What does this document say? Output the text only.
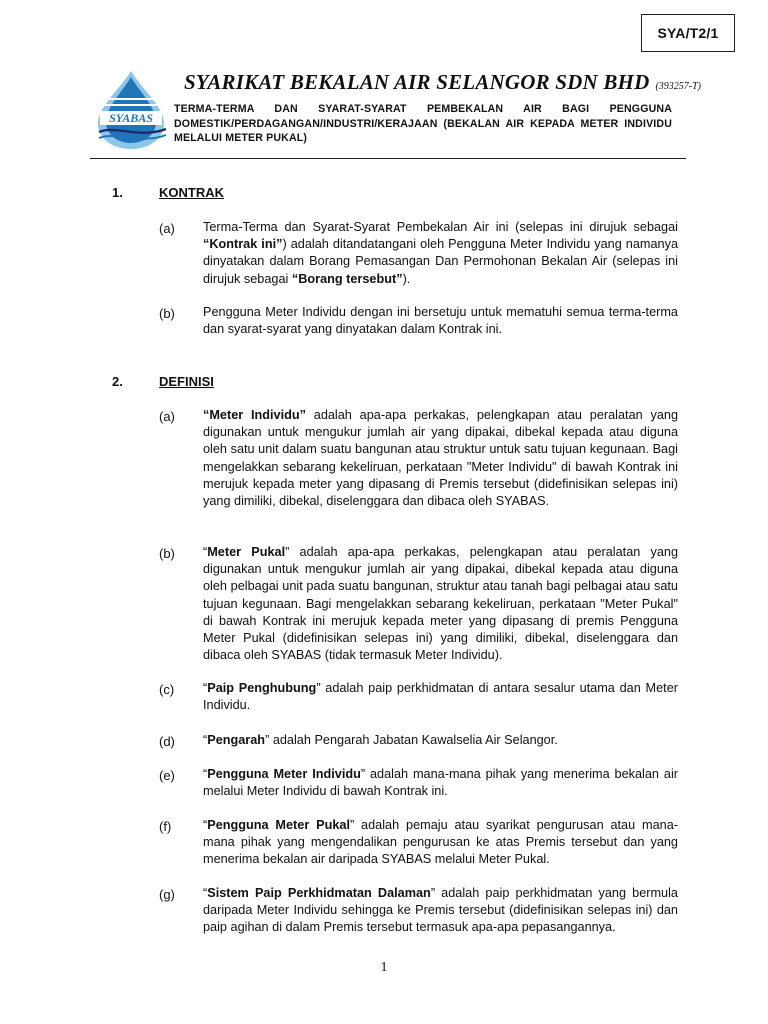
SYA/T2/1
SYABAS
SYARIKAT BEKALAN AIR SELANGOR SDN BHD (393257-T)
TERMA-TERMA DAN SYARAT-SYARAT PEMBEKALAN AIR BAGI PENGGUNA DOMESTIK/PERDAGANGAN/INDUSTRI/KERAJAAN (BEKALAN AIR KEPADA METER INDIVIDU MELALUI METER PUKAL)
1.	KONTRAK
(a) Terma-Terma dan Syarat-Syarat Pembekalan Air ini (selepas ini dirujuk sebagai “Kontrak ini”) adalah ditandatangani oleh Pengguna Meter Individu yang namanya dinyatakan dalam Borang Pemasangan Dan Permohonan Bekalan Air (selepas ini dirujuk sebagai “Borang tersebut”).
(b) Pengguna Meter Individu dengan ini bersetuju untuk mematuhi semua terma-terma dan syarat-syarat yang dinyatakan dalam Kontrak ini.
2.	DEFINISI
(a) “Meter Individu” adalah apa-apa perkakas, pelengkapan atau peralatan yang digunakan untuk mengukur jumlah air yang dipakai, dibekal kepada atau diguna oleh satu unit dalam suatu bangunan atau struktur untuk satu tujuan kegunaan. Bagi mengelakkan sebarang kekeliruan, perkataan "Meter Individu" di bawah Kontrak ini merujuk kepada meter yang dipasang di Premis tersebut (didefinisikan selepas ini) yang dimiliki, dibekal, diselenggara dan dibaca oleh SYABAS.
(b) “Meter Pukal” adalah apa-apa perkakas, pelengkapan atau peralatan yang digunakan untuk mengukur jumlah air yang dipakai, dibekal kepada atau diguna oleh pelbagai unit pada suatu bangunan, struktur atau tanah bagi pelbagai atau satu tujuan kegunaan. Bagi mengelakkan sebarang kekeliruan, perkataan "Meter Pukal" di bawah Kontrak ini merujuk kepada meter yang dipasang di premis Pengguna Meter Pukal (didefinisikan selepas ini) yang dimiliki, dibekal, diselenggara dan dibaca oleh SYABAS (tidak termasuk Meter Individu).
(c) “Paip Penghubung” adalah paip perkhidmatan di antara sesalur utama dan Meter Individu.
(d) “Pengarah” adalah Pengarah Jabatan Kawalselia Air Selangor.
(e) “Pengguna Meter Individu” adalah mana-mana pihak yang menerima bekalan air melalui Meter Individu di bawah Kontrak ini.
(f) “Pengguna Meter Pukal” adalah pemaju atau syarikat pengurusan atau mana-mana pihak yang mengendalikan pengurusan ke atas Premis tersebut dan yang menerima bekalan air daripada SYABAS melalui Meter Pukal.
(g) “Sistem Paip Perkhidmatan Dalaman” adalah paip perkhidmatan yang bermula daripada Meter Individu sehingga ke Premis tersebut (didefinisikan selepas ini) dan paip agihan di dalam Premis tersebut termasuk apa-apa pepasangannya.
1
